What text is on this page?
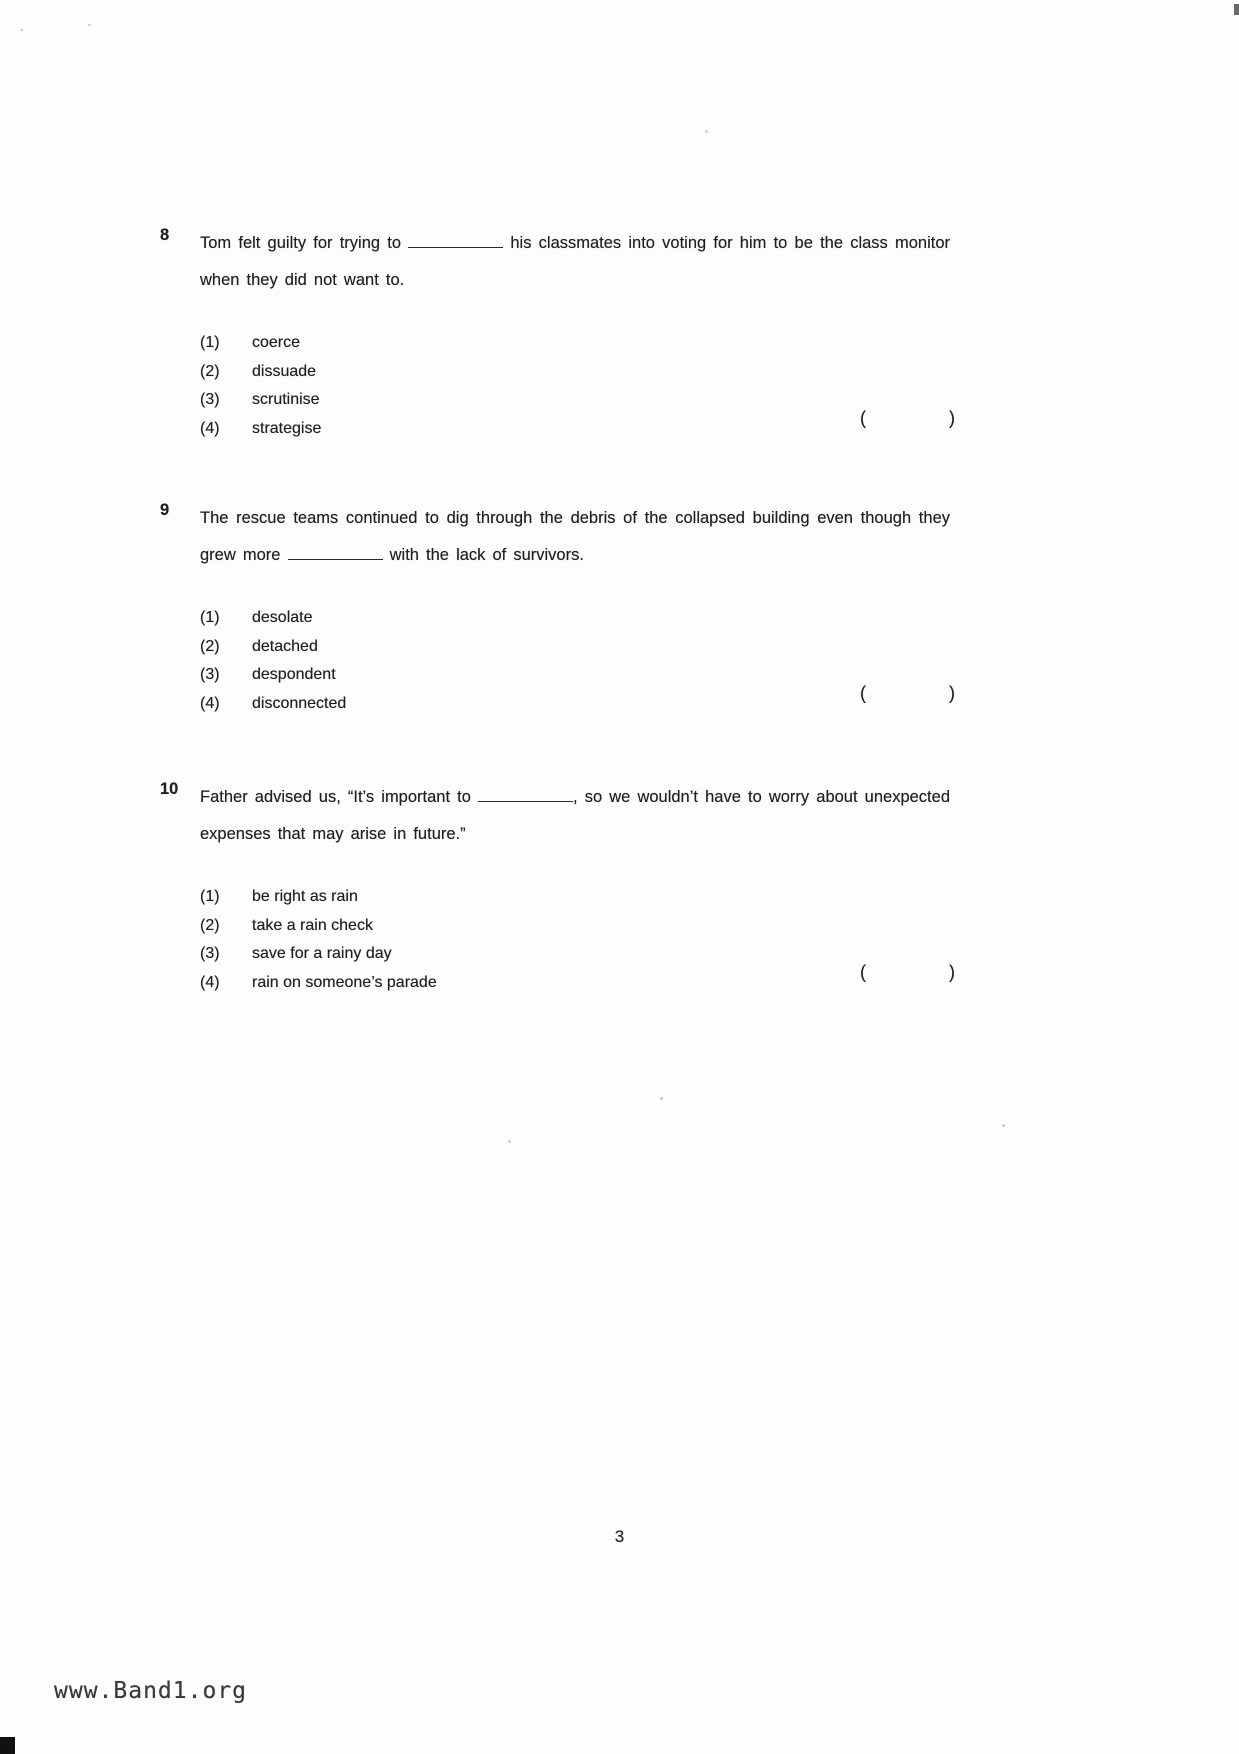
8	Tom felt guilty for trying to	his classmates into voting for him to be the class monitor when they did not want to.

(1)	coerce
(2)	dissuade
(3)	scrutinise
(4)	strategise
(	)
9	The rescue teams continued to dig through the debris of the collapsed building even though they grew more	with the lack of survivors.

(1)	desolate
(2)	detached
(3)	despondent
(4)	disconnected
(	)
10	Father advised us, “It’s important to	, so we wouldn’t have to worry about unexpected expenses that may arise in future.”

(1)	be right as rain
(2)	take a rain check
(3)	save for a rainy day
(4)	rain on someone’s parade
(	)
3
www.Band1.org
